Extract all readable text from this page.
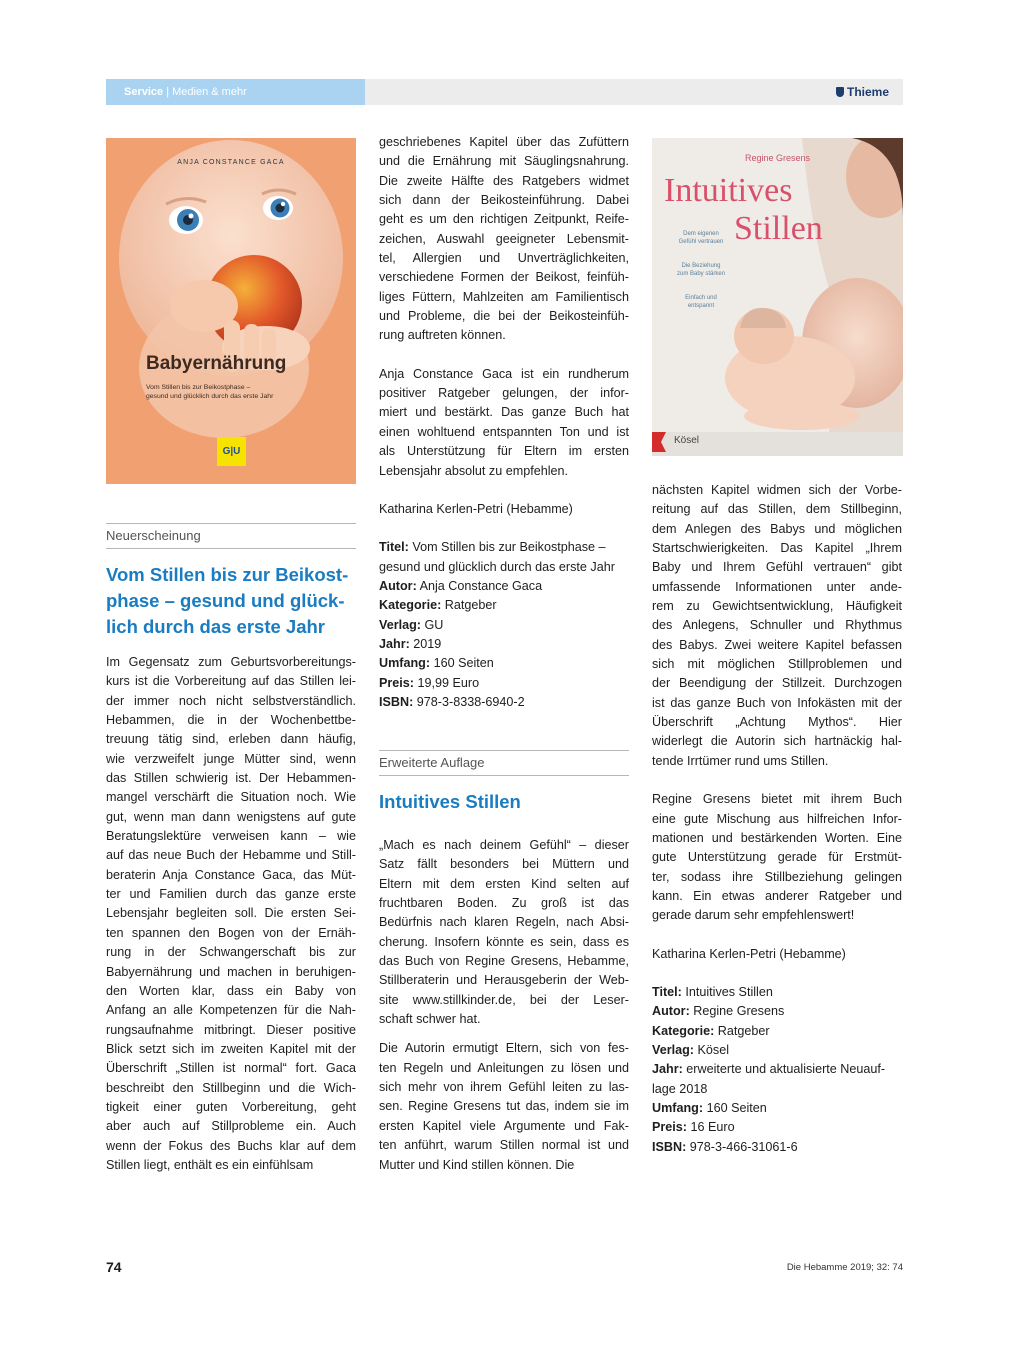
Service | Medien & mehr	Thieme
ANJA CONSTANCE GACA
Babyernährung
Vom Stillen bis zur Beikostphase –
gesund und glücklich durch das erste Jahr
G|U
Neuerscheinung
Vom Stillen bis zur Beikost-
phase – gesund und glück-
lich durch das erste Jahr

Im Gegensatz zum Geburtsvorbereitungs-
kurs ist die Vorbereitung auf das Stillen lei-
der immer noch nicht selbstverständlich.
Hebammen, die in der Wochenbettbe-
treuung tätig sind, erleben dann häufig,
wie verzweifelt junge Mütter sind, wenn
das Stillen schwierig ist. Der Hebammen-
mangel verschärft die Situation noch. Wie
gut, wenn man dann wenigstens auf gute
Beratungslektüre verweisen kann – wie
auf das neue Buch der Hebamme und Still-
beraterin Anja Constance Gaca, das Müt-
ter und Familien durch das ganze erste
Lebensjahr begleiten soll. Die ersten Sei-
ten spannen den Bogen von der Ernäh-
rung in der Schwangerschaft bis zur
Babyernährung und machen in beruhigen-
den Worten klar, dass ein Baby von
Anfang an alle Kompetenzen für die Nah-
rungsaufnahme mitbringt. Dieser positive
Blick setzt sich im zweiten Kapitel mit der
Überschrift „Stillen ist normal“ fort. Gaca
beschreibt den Stillbeginn und die Wich-
tigkeit einer guten Vorbereitung, geht
aber auch auf Stillprobleme ein. Auch
wenn der Fokus des Buchs klar auf dem
Stillen liegt, enthält es ein einfühlsam

geschriebenes Kapitel über das Zufüttern
und die Ernährung mit Säuglingsnahrung.
Die zweite Hälfte des Ratgebers widmet
sich dann der Beikosteinführung. Dabei
geht es um den richtigen Zeitpunkt, Reife-
zeichen, Auswahl geeigneter Lebensmit-
tel, Allergien und Unverträglichkeiten,
verschiedene Formen der Beikost, feinfüh-
liges Füttern, Mahlzeiten am Familientisch
und Probleme, die bei der Beikosteinfüh-
rung auftreten können.

Anja Constance Gaca ist ein rundherum
positiver Ratgeber gelungen, der infor-
miert und bestärkt. Das ganze Buch hat
einen wohltuend entspannten Ton und ist
als Unterstützung für Eltern im ersten
Lebensjahr absolut zu empfehlen.

Katharina Kerlen-Petri (Hebamme)

Titel: Vom Stillen bis zur Beikostphase –
gesund und glücklich durch das erste Jahr
Autor: Anja Constance Gaca
Kategorie: Ratgeber
Verlag: GU
Jahr: 2019
Umfang: 160 Seiten
Preis: 19,99 Euro
ISBN: 978-3-8338-6940-2
Erweiterte Auflage
Intuitives Stillen

„Mach es nach deinem Gefühl“ – dieser
Satz fällt besonders bei Müttern und
Eltern mit dem ersten Kind selten auf
fruchtbaren Boden. Zu groß ist das
Bedürfnis nach klaren Regeln, nach Absi-
cherung. Insofern könnte es sein, dass es
das Buch von Regine Gresens, Hebamme,
Stillberaterin und Herausgeberin der Web-
site www.stillkinder.de, bei der Leser-
schaft schwer hat.

Die Autorin ermutigt Eltern, sich von fes-
ten Regeln und Anleitungen zu lösen und
sich mehr von ihrem Gefühl leiten zu las-
sen. Regine Gresens tut das, indem sie im
ersten Kapitel viele Argumente und Fak-
ten anführt, warum Stillen normal ist und
Mutter und Kind stillen können. Die

Regine Gresens
Intuitives
Stillen
Dem eigenen
Gefühl vertrauen
Die Beziehung
zum Baby stärken
Einfach und
entspannt
Kösel

nächsten Kapitel widmen sich der Vorbe-
reitung auf das Stillen, dem Stillbeginn,
dem Anlegen des Babys und möglichen
Startschwierigkeiten. Das Kapitel „Ihrem
Baby und Ihrem Gefühl vertrauen“ gibt
umfassende Informationen unter ande-
rem zu Gewichtsentwicklung, Häufigkeit
des Anlegens, Schnuller und Rhythmus
des Babys. Zwei weitere Kapitel befassen
sich mit möglichen Stillproblemen und
der Beendigung der Stillzeit. Durchzogen
ist das ganze Buch von Infokästen mit der
Überschrift „Achtung Mythos“. Hier
widerlegt die Autorin sich hartnäckig hal-
tende Irrtümer rund ums Stillen.

Regine Gresens bietet mit ihrem Buch
eine gute Mischung aus hilfreichen Infor-
mationen und bestärkenden Worten. Eine
gute Unterstützung gerade für Erstmüt-
ter, sodass ihre Stillbeziehung gelingen
kann. Ein etwas anderer Ratgeber und
gerade darum sehr empfehlenswert!

Katharina Kerlen-Petri (Hebamme)

Titel: Intuitives Stillen
Autor: Regine Gresens
Kategorie: Ratgeber
Verlag: Kösel
Jahr: erweiterte und aktualisierte Neuauf-
lage 2018
Umfang: 160 Seiten
Preis: 16 Euro
ISBN: 978-3-466-31061-6
74	Die Hebamme 2019; 32: 74
